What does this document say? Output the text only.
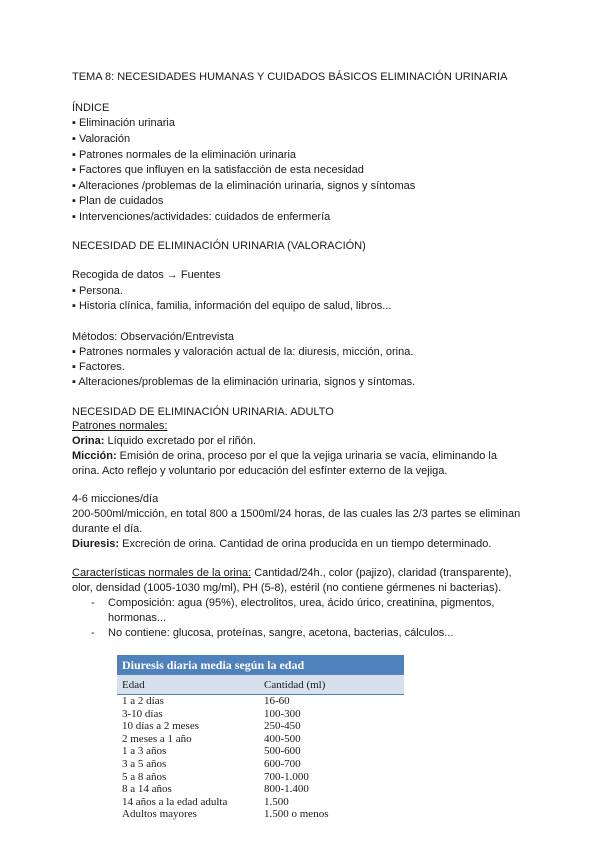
TEMA 8: NECESIDADES HUMANAS Y CUIDADOS BÁSICOS ELIMINACIÓN URINARIA
ÍNDICE
▪ Eliminación urinaria
▪ Valoración
▪ Patrones normales de la eliminación urinaria
▪ Factores que influyen en la satisfacción de esta necesidad
▪ Alteraciones /problemas de la eliminación urinaria, signos y síntomas
▪ Plan de cuidados
▪ Intervenciones/actividades: cuidados de enfermería
NECESIDAD DE ELIMINACIÓN URINARIA (VALORACIÓN)
Recogida de datos → Fuentes
▪ Persona.
▪ Historia clínica, familia, información del equipo de salud, libros...
Métodos: Observación/Entrevista
▪ Patrones normales y valoración actual de la: diuresis, micción, orina.
▪ Factores.
▪ Alteraciones/problemas de la eliminación urinaria, signos y síntomas.
NECESIDAD DE ELIMINACIÓN URINARIA. ADULTO
Patrones normales:
Orina: Líquido excretado por el riñón.
Micción: Emisión de orina, proceso por el que la vejiga urinaria se vacía, eliminando la
orina. Acto reflejo y voluntario por educación del esfínter externo de la vejiga.
4-6 micciones/día
200-500ml/micción, en total 800 a 1500ml/24 horas, de las cuales las 2/3 partes se eliminan
durante el día.
Diuresis: Excreción de orina. Cantidad de orina producida en un tiempo determinado.
Características normales de la orina: Cantidad/24h., color (pajizo), claridad (transparente),
olor, densidad (1005-1030 mg/ml), PH (5-8), estéril (no contiene gérmenes ni bacterias).
- Composición: agua (95%), electrolitos, urea, ácido úrico, creatinina, pigmentos,
hormonas...
- No contiene: glucosa, proteínas, sangre, acetona, bacterias, cálculos...
Diuresis diaria media según la edad	
Edad	Cantidad (ml)
1 a 2 días	16-60
3-10 días	100-300
10 días a 2 meses	250-450
2 meses a 1 año	400-500
1 a 3 años	500-600
3 a 5 años	600-700
5 a 8 años	700-1.000
8 a 14 años	800-1.400
14 años a la edad adulta	1.500
Adultos mayores	1.500 o menos
